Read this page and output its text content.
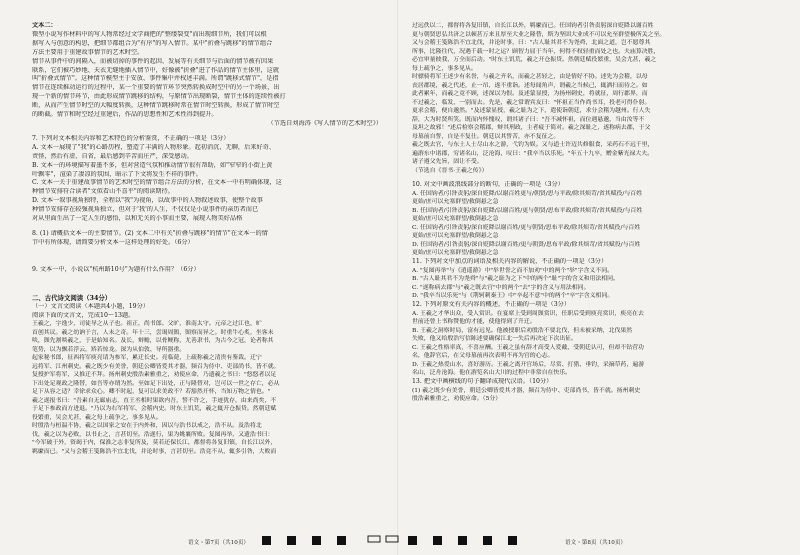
文本二：
微型小说写作材料中的写人物常经过文学商把的"整缕裂变"而出现细节所，我们可以根
据写入与创意的构思，把细节都组合为"有序"的写入情节。某中"折叠与跳移"的情节组合
方法主要用于重建故事情节的艺术时空。
情节从事件中的间隔入，而被切掉的事件的起因、发展等有关细节与后面的情节被有因果
联系，它们被巧妙地、天衣无缝地插入情节中，好像被"折叠"进了作品的情节主体里，这就
叫"折叠式情节"。这种情节模型主于安放、事件集中并权述丰满。所谓"跳移式情节"，是指
情节在连续推动运行的过程中，某一个重要的情节环节突然转换成时空中的另一个场景，出
现一个新的情节环节，由此形成情节跳移的结构，与原情节出现断裂，情节主体的连续性被打
断，从而产生情节时空的大幅度转换，这种情节跳移时常在情节时空转换，形成了情节时空
的断截。情节和时空经过重建后，作品的思想性和艺术性得到提升。
（节选自刘海涛《写人情节的艺术时空》）
7. 下列对文本相关内容和艺术特色的分析鉴赏，不正确的一项是（3分）
A. 文本一展现了"我"的心路历程，塑造了丰满的人物形象。起初消沉、无聊，后来好奇、
责怪，然后有虚、自省，最后感到辛苦而庄严，深受感动。
B. 文本一的环境描写着墨不多，但对营造气氛和推动情节很有帮助，如"窄窄的小街上黄
叶飘零"，渲染了凄凉的氛围，暗示了下文将发生不祥的事件。
C. 文本一关于重建故事情节的艺术时空的情节组合方法的分析，在文本一中有明确体现，这
种情节安排符合读者"文似看山不喜平"的阅读期待。
D. 文本一叙事视角独特，全程以"我"为视角，以故事中的人物叙述故事，使整个故事
种情节安排存在较强视角独立，但对于'我'的人生，不仅仅是小说事件的亲历者而已
对从里面生出了一定人生的感悟，以和无关的小事而主要，展现人物美好品格
8. (1) 请概括文本一的主要情节。(2) 文本二中有关"折叠与跳移"的情节"在文本一的情
节中有所体现，请简要分析文本一这样处理的好处。（6分）
9. 文本一中，小说以"杭州路10号"为题有什么作用？（6分）
二、古代诗文阅读（34分）
（一）文言文阅读（本题共4小题，19分）
阅读下面的文言文，完成10～13题。
王羲之，字逸少，司徒导之从子也。祖正，尚书郎。父旷，淮南太守。元帝之过江也，旷
首创其议。羲之幼讷于言，人未之奇。年十三，尝谒周顗，顗察而异之。时重牛心炙，坐客未
啖，顗先割啖羲之，于是始知名。及长，辩赡，以骨鲠称，尤善隶书，为古今之冠，论者称其
笔势，以为飘若浮云，矫若惊龙。深为从伯敦、导所器重。
起家秘书郎，征西将军庾亮请为参军，累迁长史。亮临薨，上疏称羲之清贵有鉴裁。迁宁
远将军、江州刺史。羲之既少有美誉，朝廷公卿皆爱其才器，频召为侍中、吏部尚书，皆不就。
复授护军将军，又推迁不拜。扬州刺史殷浩素雅重之，劝使应命，乃遗羲之书曰："悠悠者以足
下出处足观政之隆替，如吾等亦谓为然。至如足下出处，正与隆替对，岂可以一世之存亡，必从
足下从容之适？幸徐求众心。卿不时起，复可以求美政不？若豁然开怀，当知万物之情也。"
羲之遂报书曰："吾素自无廊庙志，直王丞相时果欲内吾，誓不许之，手迹犹存，由来尚矣，不
于足下参政而方进退。"乃以为右军将军、会稽内史。时东土饥荒，羲之辄开仓振贷。然朝廷赋
役繁重，吴会尤甚，羲之每上疏争之，事多见从。
时殷浩与桓温不协，羲之以国家之安在于内外和，因以与浩书以戒之，浩不从。及浩将北
伐，羲之以为必败，以书止之，言甚切至。浩遂行，果为姚襄所败。复图再举，又遗浩书曰：
"今军破于外，资竭于内，保淮之志非复所及，莫若还保长江，都督将各复旧镇，自长江以外，
羁縻而已。"又与会稽王笺陈浩不宜北伐，并论时事，言甚切至。浩竟不从，辄多引咎，大败而
过远佚以二，都督将各复旧镇，自长江以外，羁縻而已。任国钧者引咎责躬深自贬降以谢百姓
更与朝贤思弘共济之以顿甚万来且厚至大业之隆替，斯为坚固大业成不可以允至群望极所关之至。
又与会稽王笺陈浩不宜北伐，并论时事，曰："古人耻其君不为尧舜，北面之道，岂不愿尊其
所事，比隆往代，况遇千载一时之运？顾智力屈于当年，何得不权轻重而处之也。夫庙算决胜，
必宜审量彼我，万全而后动。"时东土饥荒，羲之开仓振贷。然朝廷赋役繁重，吴会尤甚，羲之
每上疏争之，事多见从。
时骠骑将军王述少有名誉，与羲之齐名，而羲之甚轻之，由是情好不协。述先为会稽，以母
丧居郡境，羲之代述，止一吊，遂不重诣。述每闻角声，谓羲之当候己，辄洒扫而待之。如
此者累年，而羲之竟不顾，述深以为恨。及述蒙显授，为扬州刺史，将就征，周行郡界，而
不过羲之，临发，一别而去。先是，羲之常谓宾友曰："怀祖正当作尚书耳，投老可得仆射。
更求会稽，便自邈然。"及述蒙显授，羲之耻为之下，遣使诣朝廷，求分会稽为越州。行人失
辞，大为时贤所笑。既而内怀愧叹，谓其诸子曰："吾不减怀祖，而位遇悬邈，当由汝等不
及坦之故邪！"述后检察会稽郡，辩其刑政，主者疲于简对。羲之深耻之，遂称病去郡，于父
母墓前自誓，自是不复仕。朝廷以其誓苦，亦不复征之。
羲之既去官，与东土人士尽山水之游，弋钓为娱。又与道士许迈共修服食，采药石不远千里，
遍游东中诸郡，穷诸名山，泛沧海，叹曰："我卒当以乐死。"年五十九卒，赠金紫光禄大夫。
诸子遵父先旨，固让不受。
（节选自《晋书·王羲之传》）
10. 对文中画波浪线部分的断句，正确的一项是（3分）
A. 任国钧者/引咎责躬/深自贬降/以谢百姓更与/朝贤/思与平政/除其烦苛/省其赋役/与百姓
更始/庶可以允塞群望/救倒悬之急
B. 任国钧者/引咎责躬/深自贬降/以谢百姓/更与朝贤/思布平政/除其烦苛/省其赋役/与百姓
更始/庶可以允塞群望/救倒悬之急
C. 任国钧者/引咎责躬/深自贬降以谢百姓/更与朝贤/思布平政/除其烦苛/省其赋役/与百姓
更始/庶可以允塞群望/救倒悬之急
D. 任国钧者/引咎责躬/深自贬降以谢百姓/更与朝贤/思布平政/除其烦苛/省其赋役/与百姓
更始/庶可以允塞群望/救倒悬之急
11. 下列对文中加点的词语及相关内容的解说，不正确的一项是（3分）
A. "复图再举"与《逍遥游》中"举世誉之而不加劝"中的两个"举"字含义不同。
B. "古人耻其君不为尧舜"与"羲之耻为之下"中的两个"耻"字的含义和用法相同。
C. "遂称病去郡"与"羲之既去官"中的两个"去"字的含义与用法相同。
D. "我卒当以乐死"与《荆轲刺秦王》中"卒起不意"中的两个"卒"字含义相同。
12. 下列对原文有关内容的概述，不正确的一项是（3分）
A. 王羲之才华出众，受人赏识。在宴席上受到周顗赏识，任职后受到庾亮赏识，庾亮在去
世前还曾上书称赞他的才能，使他得到了升迁。
B. 王羲之洞察时局，富有远见。他被授职后劝殷浩不要北伐，但未被采纳，北伐果然
失败，他又给殷浩写信陈述要确保江北一失后再决定下次出征。
C. 王羲之性格率真，不喜应酬。王羲之虽有辞才高受人爱戴，受朝廷认可，但却不钻营功
名，他辞官后，在父母墓前再次表明不再为官的心志。
D. 王羲之热爱山水，喜好游历。王羲之离开官场后，尽赏、打猎、垂钓，采摘草药，遍游
名山，泛舟沧海。他在游览名山大川的过程中非常自在快乐。
13. 把文中画横线的句子翻译成现代汉语。（10分）
(1) 羲之既少有美誉，朝廷公卿皆爱其才器，频召为侍中、吏部尚书，皆不就。扬州刺史
殷浩素雅重之，劝使应命。（5分）
语文・第7页（共10页）	语文・第8页（共10页）
